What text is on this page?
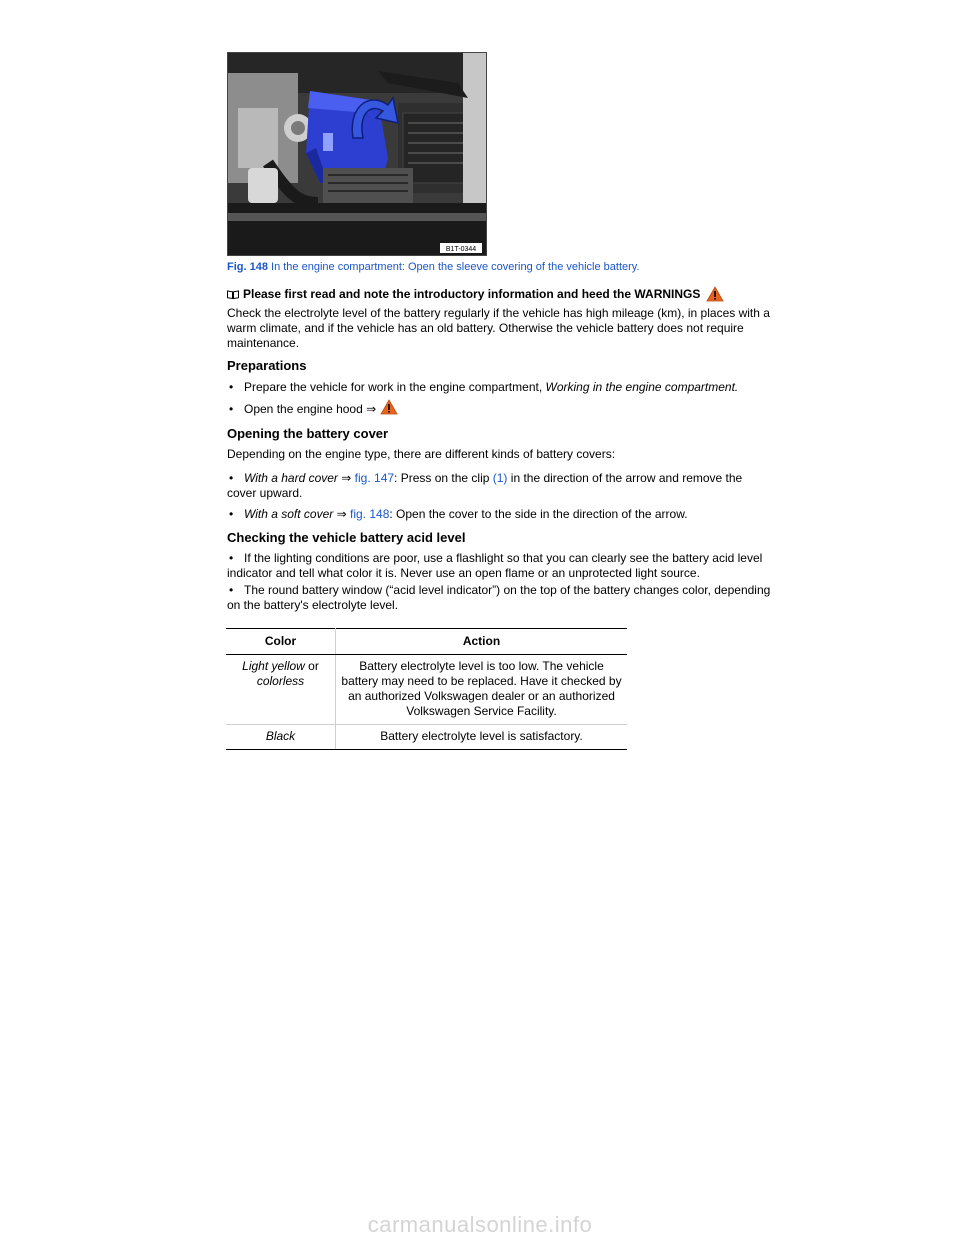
B1T-0344
Fig. 148 In the engine compartment: Open the sleeve covering of the vehicle battery.
Please first read and note the introductory information and heed the WARNINGS
Check the electrolyte level of the battery regularly if the vehicle has high mileage (km), in places with a warm climate, and if the vehicle has an old battery. Otherwise the vehicle battery does not require maintenance.
Preparations
• Prepare the vehicle for work in the engine compartment, Working in the engine compartment.
• Open the engine hood ⇒
Opening the battery cover
Depending on the engine type, there are different kinds of battery covers:
• With a hard cover ⇒ fig. 147: Press on the clip (1) in the direction of the arrow and remove the cover upward.
• With a soft cover ⇒ fig. 148: Open the cover to the side in the direction of the arrow.
Checking the vehicle battery acid level
• If the lighting conditions are poor, use a flashlight so that you can clearly see the battery acid level indicator and tell what color it is. Never use an open flame or an unprotected light source.
• The round battery window (“acid level indicator”) on the top of the battery changes color, depending on the battery's electrolyte level.
Color	Action
Light yellow or
colorless	Battery electrolyte level is too low. The vehicle battery may need to be replaced. Have it checked by an authorized Volkswagen dealer or an authorized Volkswagen Service Facility.
Black	Battery electrolyte level is satisfactory.
carmanualsonline.info
